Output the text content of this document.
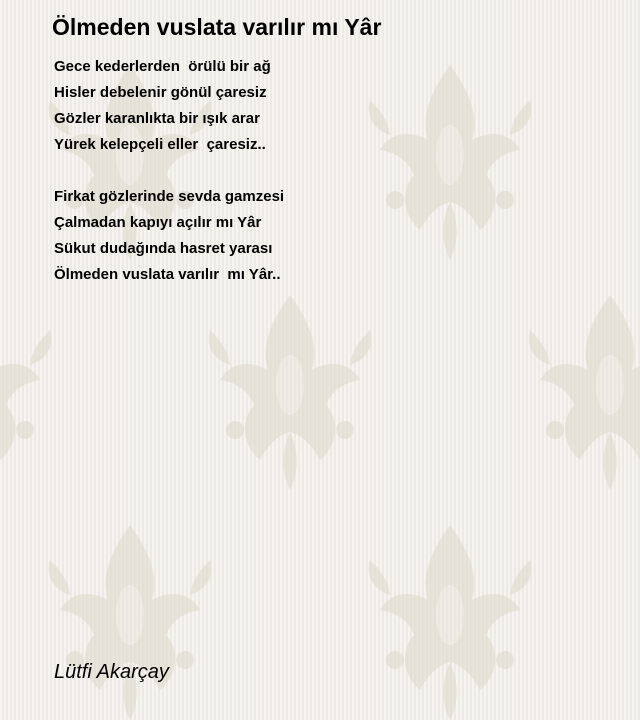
Ölmeden vuslata varılır mı Yâr
Gece kederlerden  örülü bir ağ
Hisler debelenir gönül çaresiz
Gözler karanlıkta bir ışık arar
Yürek kelepçeli eller  çaresiz..
Firkat gözlerinde sevda gamzesi
Çalmadan kapıyı açılır mı Yâr
Sükut dudağında hasret yarası
Ölmeden vuslata varılır  mı Yâr..

Lütfi Akarçay
